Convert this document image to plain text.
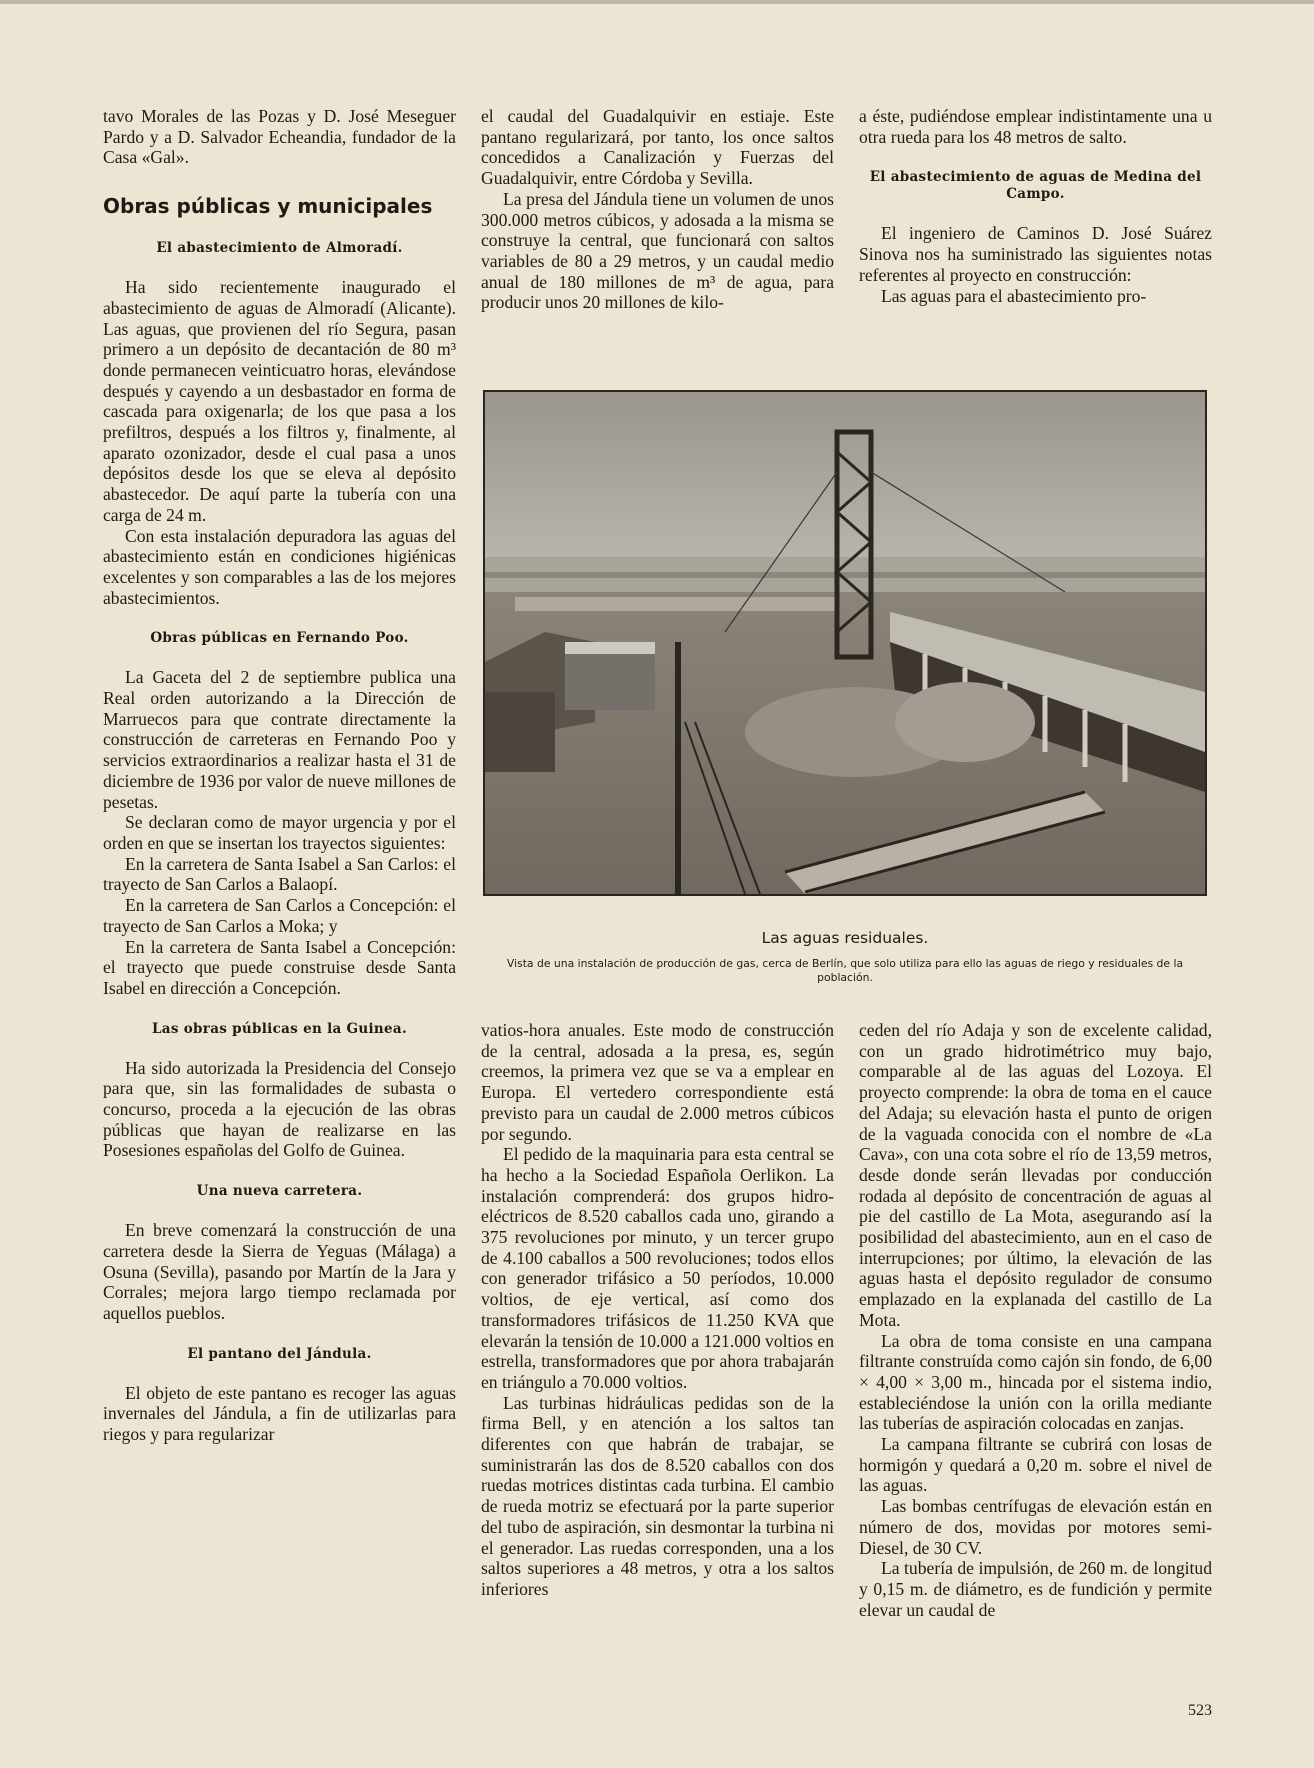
tavo Morales de las Pozas y D. José Meseguer Pardo y a D. Salvador Echeandia, fundador de la Casa «Gal».

Obras públicas y municipales
El abastecimiento de Almoradí.

Ha sido recientemente inaugurado el abastecimiento de aguas de Almoradí (Alicante). Las aguas, que provienen del río Segura, pasan primero a un depósito de decantación de 80 m³ donde permanecen veinticuatro horas, elevándose después y cayendo a un desbastador en forma de cascada para oxigenarla; de los que pasa a los prefiltros, después a los filtros y, finalmente, al aparato ozonizador, desde el cual pasa a unos depósitos desde los que se eleva al depósito abastecedor. De aquí parte la tubería con una carga de 24 m.

Con esta instalación depuradora las aguas del abastecimiento están en condiciones higiénicas excelentes y son comparables a las de los mejores abastecimientos.

Obras públicas en Fernando Poo.

La Gaceta del 2 de septiembre publica una Real orden autorizando a la Dirección de Marruecos para que contrate directamente la construcción de carreteras en Fernando Poo y servicios extraordinarios a realizar hasta el 31 de diciembre de 1936 por valor de nueve millones de pesetas.

Se declaran como de mayor urgencia y por el orden en que se insertan los trayectos siguientes:

En la carretera de Santa Isabel a San Carlos: el trayecto de San Carlos a Balaopí.

En la carretera de San Carlos a Concepción: el trayecto de San Carlos a Moka; y

En la carretera de Santa Isabel a Concepción: el trayecto que puede construise desde Santa Isabel en dirección a Concepción.

Las obras públicas en la Guinea.

Ha sido autorizada la Presidencia del Consejo para que, sin las formalidades de subasta o concurso, proceda a la ejecución de las obras públicas que hayan de realizarse en las Posesiones españolas del Golfo de Guinea.

Una nueva carretera.

En breve comenzará la construcción de una carretera desde la Sierra de Yeguas (Málaga) a Osuna (Sevilla), pasando por Martín de la Jara y Corrales; mejora largo tiempo reclamada por aquellos pueblos.

El pantano del Jándula.

El objeto de este pantano es recoger las aguas invernales del Jándula, a fin de utilizarlas para riegos y para regularizar

el caudal del Guadalquivir en estiaje. Este pantano regularizará, por tanto, los once saltos concedidos a Canalización y Fuerzas del Guadalquivir, entre Córdoba y Sevilla.

La presa del Jándula tiene un volumen de unos 300.000 metros cúbicos, y adosada a la misma se construye la central, que funcionará con saltos variables de 80 a 29 metros, y un caudal medio anual de 180 millones de m³ de agua, para producir unos 20 millones de kilo-

a éste, pudiéndose emplear indistintamente una u otra rueda para los 48 metros de salto.

El abastecimiento de aguas de Medina del Campo.

El ingeniero de Caminos D. José Suárez Sinova nos ha suministrado las siguientes notas referentes al proyecto en construcción:

Las aguas para el abastecimiento pro-

Las aguas residuales.
Vista de una instalación de producción de gas, cerca de Berlín, que solo utiliza para ello las aguas de riego y residuales de la población.

vatios-hora anuales. Este modo de construcción de la central, adosada a la presa, es, según creemos, la primera vez que se va a emplear en Europa. El vertedero correspondiente está previsto para un caudal de 2.000 metros cúbicos por segundo.

El pedido de la maquinaria para esta central se ha hecho a la Sociedad Española Oerlikon. La instalación comprenderá: dos grupos hidro-eléctricos de 8.520 caballos cada uno, girando a 375 revoluciones por minuto, y un tercer grupo de 4.100 caballos a 500 revoluciones; todos ellos con generador trifásico a 50 períodos, 10.000 voltios, de eje vertical, así como dos transformadores trifásicos de 11.250 KVA que elevarán la tensión de 10.000 a 121.000 voltios en estrella, transformadores que por ahora trabajarán en triángulo a 70.000 voltios.

Las turbinas hidráulicas pedidas son de la firma Bell, y en atención a los saltos tan diferentes con que habrán de trabajar, se suministrarán las dos de 8.520 caballos con dos ruedas motrices distintas cada turbina. El cambio de rueda motriz se efectuará por la parte superior del tubo de aspiración, sin desmontar la turbina ni el generador. Las ruedas corresponden, una a los saltos superiores a 48 metros, y otra a los saltos inferiores

ceden del río Adaja y son de excelente calidad, con un grado hidrotimétrico muy bajo, comparable al de las aguas del Lozoya. El proyecto comprende: la obra de toma en el cauce del Adaja; su elevación hasta el punto de origen de la vaguada conocida con el nombre de «La Cava», con una cota sobre el río de 13,59 metros, desde donde serán llevadas por conducción rodada al depósito de concentración de aguas al pie del castillo de La Mota, asegurando así la posibilidad del abastecimiento, aun en el caso de interrupciones; por último, la elevación de las aguas hasta el depósito regulador de consumo emplazado en la explanada del castillo de La Mota.

La obra de toma consiste en una campana filtrante construída como cajón sin fondo, de 6,00 × 4,00 × 3,00 m., hincada por el sistema indio, estableciéndose la unión con la orilla mediante las tuberías de aspiración colocadas en zanjas.

La campana filtrante se cubrirá con losas de hormigón y quedará a 0,20 m. sobre el nivel de las aguas.

Las bombas centrífugas de elevación están en número de dos, movidas por motores semi-Diesel, de 30 CV.

La tubería de impulsión, de 260 m. de longitud y 0,15 m. de diámetro, es de fundición y permite elevar un caudal de

523
